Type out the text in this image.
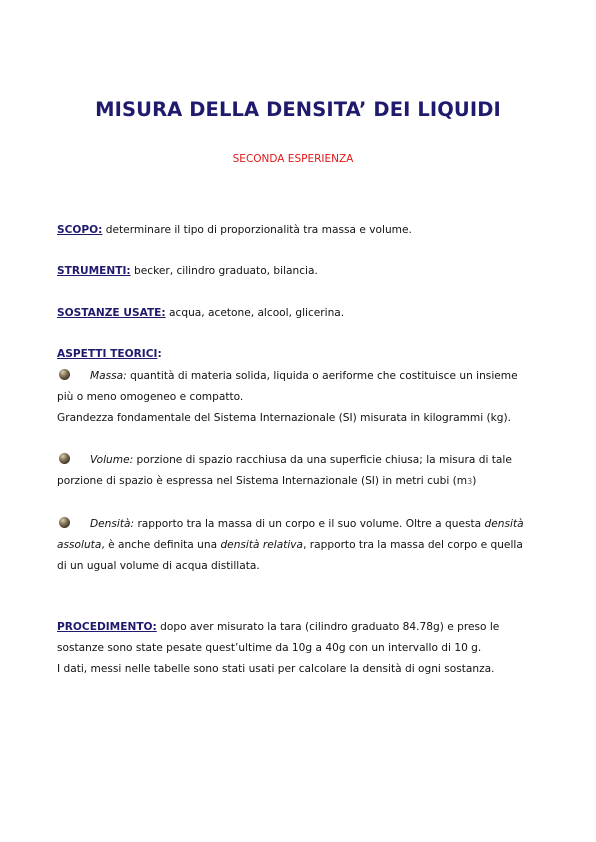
MISURA DELLA DENSITA’ DEI LIQUIDI
SECONDA ESPERIENZA
SCOPO: determinare il tipo di proporzionalità tra massa e volume.
STRUMENTI: becker, cilindro graduato, bilancia.
SOSTANZE USATE: acqua, acetone, alcool, glicerina.
ASPETTI TEORICI:
Massa: quantità di materia solida, liquida o aeriforme che costituisce un insieme
più o meno omogeneo e compatto.
Grandezza fondamentale del Sistema Internazionale (SI) misurata in kilogrammi (kg).
Volume: porzione di spazio racchiusa da una superficie chiusa; la misura di tale
porzione di spazio è espressa nel Sistema Internazionale (SI) in metri cubi (m3)
Densità: rapporto tra la massa di un corpo e il suo volume. Oltre a questa densità
assoluta, è anche definita una densità relativa, rapporto tra la massa del corpo e quella
di un ugual volume di acqua distillata.
PROCEDIMENTO: dopo aver misurato la tara (cilindro graduato 84.78g) e preso le
sostanze sono state pesate quest’ultime da 10g a 40g con un intervallo di 10 g.
I dati, messi nelle tabelle sono stati usati per calcolare la densità di ogni sostanza.
